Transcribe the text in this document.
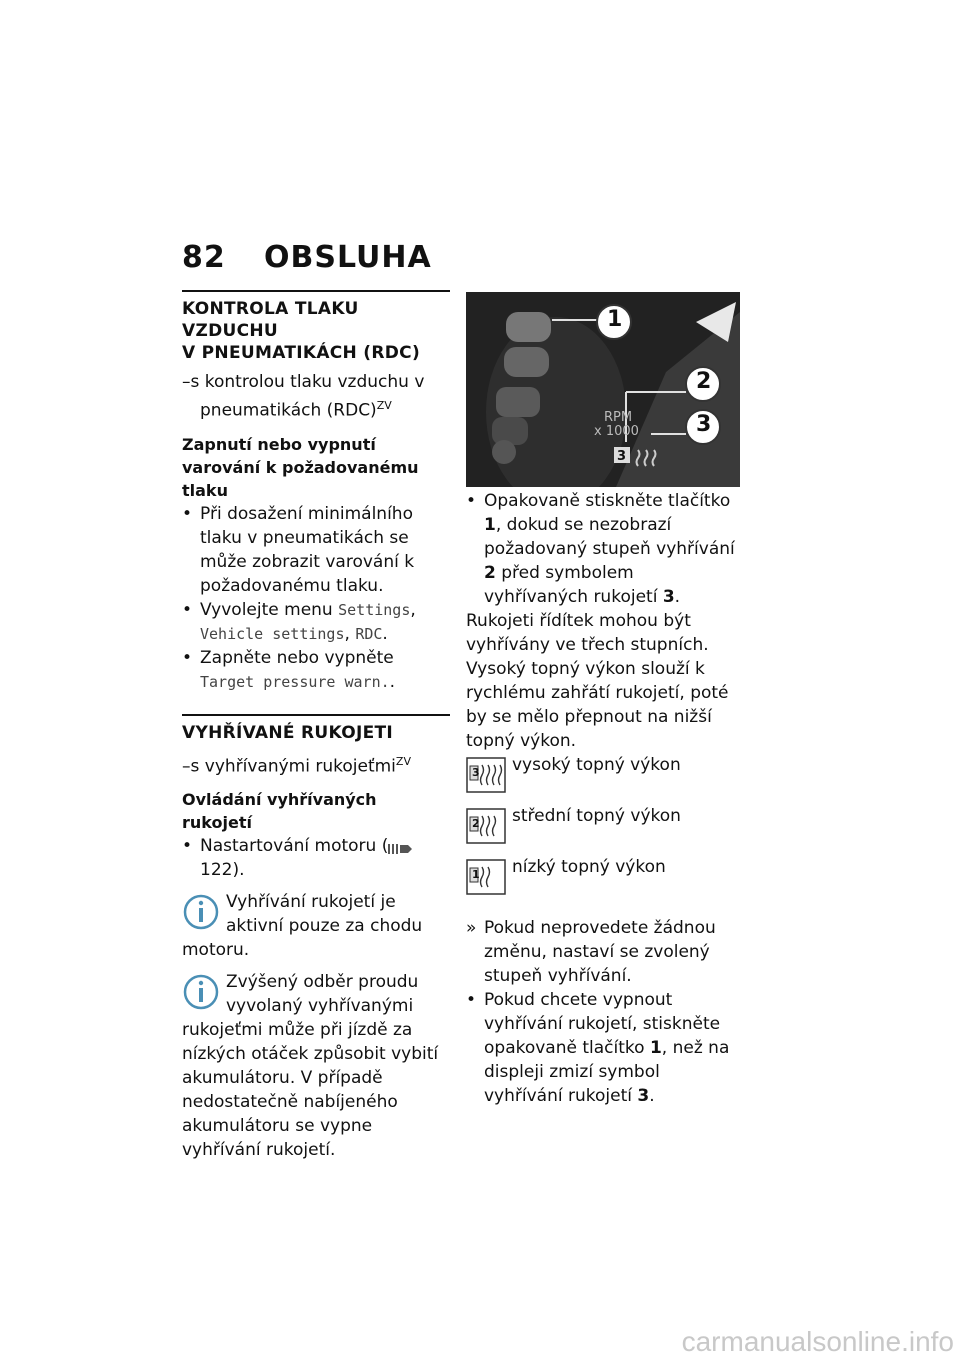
82 OBSLUHA
KONTROLA TLAKU VZDUCHU
V PNEUMATIKÁCH (RDC)
–s kontrolou tlaku vzduchu v pneumatikách (RDC)$^{ZV}$
Zapnutí nebo vypnutí varování k požadovanému tlaku

• Při dosažení minimálního tlaku v pneumatikách se může zobrazit varování k požadovanému tlaku.

• Vyvolejte menu Settings, Vehicle settings, RDC.

• Zapněte nebo vypněte Target pressure warn..

VYHŘÍVANÉ RUKOJETI
–s vyhřívanými rukojeťmi$^{ZV}$
Ovládání vyhřívaných rukojetí

• Nastartování motoru (122).

Vyhřívání rukojetí je aktivní pouze za chodu motoru.
Zvýšený odběr proudu vyvolaný vyhřívanými rukojeťmi může při jízdě za nízkých otáček způsobit vybití akumulátoru. V případě nedostatečně nabíjeného akumulátoru se vypne vyhřívání rukojetí.
1
2
3
RPM
x 1000
3

• Opakovaně stiskněte tlačítko 1, dokud se nezobrazí požadovaný stupeň vyhřívání 2 před symbolem vyhřívaných rukojetí 3.

Rukojeti řídítek mohou být vyhřívány ve třech stupních. Vysoký topný výkon slouží k rychlému zahřátí rukojetí, poté by se mělo přepnout na nižší topný výkon.

3 vysoký topný výkon
2 střední topný výkon
1 nízký topný výkon

» Pokud neprovedete žádnou změnu, nastaví se zvolený stupeň vyhřívání.

• Pokud chcete vypnout vyhřívání rukojetí, stiskněte opakovaně tlačítko 1, než na displeji zmizí symbol vyhřívání rukojetí 3.

carmanualsonline.info
